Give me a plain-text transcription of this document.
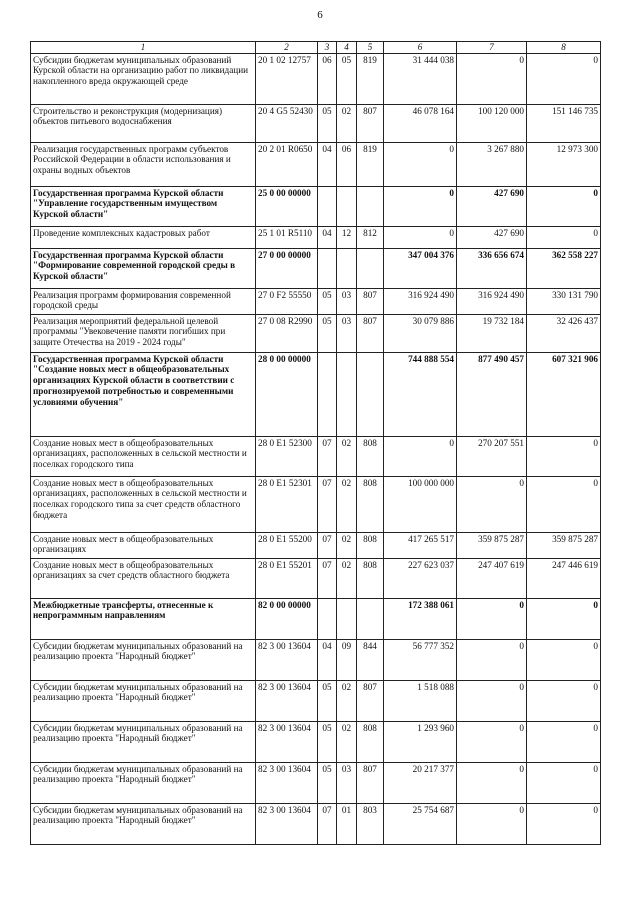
6
1	2	3	4	5	6	7	8
Субсидии бюджетам муниципальных образований Курской области на организацию работ по ликвидации накопленного вреда окружающей среде	20 1 02 12757	06	05	819	31 444 038	0	0
Строительство и реконструкция (модернизация) объектов питьевого водоснабжения	20 4 G5 52430	05	02	807	46 078 164	100 120 000	151 146 735
Реализация государственных программ субъектов Российской Федерации в области использования и охраны водных объектов	20 2 01 R0650	04	06	819	0	3 267 880	12 973 300
Государственная программа Курской области "Управление государственным имуществом Курской области"	25 0 00 00000				0	427 690	0
Проведение комплексных кадастровых работ	25 1 01 R5110	04	12	812	0	427 690	0
Государственная программа Курской области "Формирование современной городской среды в Курской области"	27 0 00 00000				347 004 376	336 656 674	362 558 227
Реализация программ формирования современной городской среды	27 0 F2 55550	05	03	807	316 924 490	316 924 490	330 131 790
Реализация мероприятий федеральной целевой программы "Увековечение памяти погибших при защите Отечества на 2019 - 2024 годы"	27 0 08 R2990	05	03	807	30 079 886	19 732 184	32 426 437
Государственная программа Курской области "Создание новых мест в общеобразовательных организациях Курской области в соответствии с прогнозируемой потребностью и современными условиями обучения"	28 0 00 00000				744 888 554	877 490 457	607 321 906
Создание новых мест в общеобразовательных организациях, расположенных в сельской местности и поселках городского типа	28 0 E1 52300	07	02	808	0	270 207 551	0
Создание новых мест в общеобразовательных организациях, расположенных в сельской местности и поселках городского типа за счет средств областного бюджета	28 0 E1 52301	07	02	808	100 000 000	0	0
Создание новых мест в общеобразовательных организациях	28 0 E1 55200	07	02	808	417 265 517	359 875 287	359 875 287
Создание новых мест в общеобразовательных организациях за счет средств областного бюджета	28 0 E1 55201	07	02	808	227 623 037	247 407 619	247 446 619
Межбюджетные трансферты, отнесенные к непрограммным направлениям	82 0 00 00000				172 388 061	0	0
Субсидии бюджетам муниципальных образований на реализацию проекта "Народный бюджет"	82 3 00 13604	04	09	844	56 777 352	0	0
Субсидии бюджетам муниципальных образований на реализацию проекта "Народный бюджет"	82 3 00 13604	05	02	807	1 518 088	0	0
Субсидии бюджетам муниципальных образований на реализацию проекта "Народный бюджет"	82 3 00 13604	05	02	808	1 293 960	0	0
Субсидии бюджетам муниципальных образований на реализацию проекта "Народный бюджет"	82 3 00 13604	05	03	807	20 217 377	0	0
Субсидии бюджетам муниципальных образований на реализацию проекта "Народный бюджет"	82 3 00 13604	07	01	803	25 754 687	0	0
